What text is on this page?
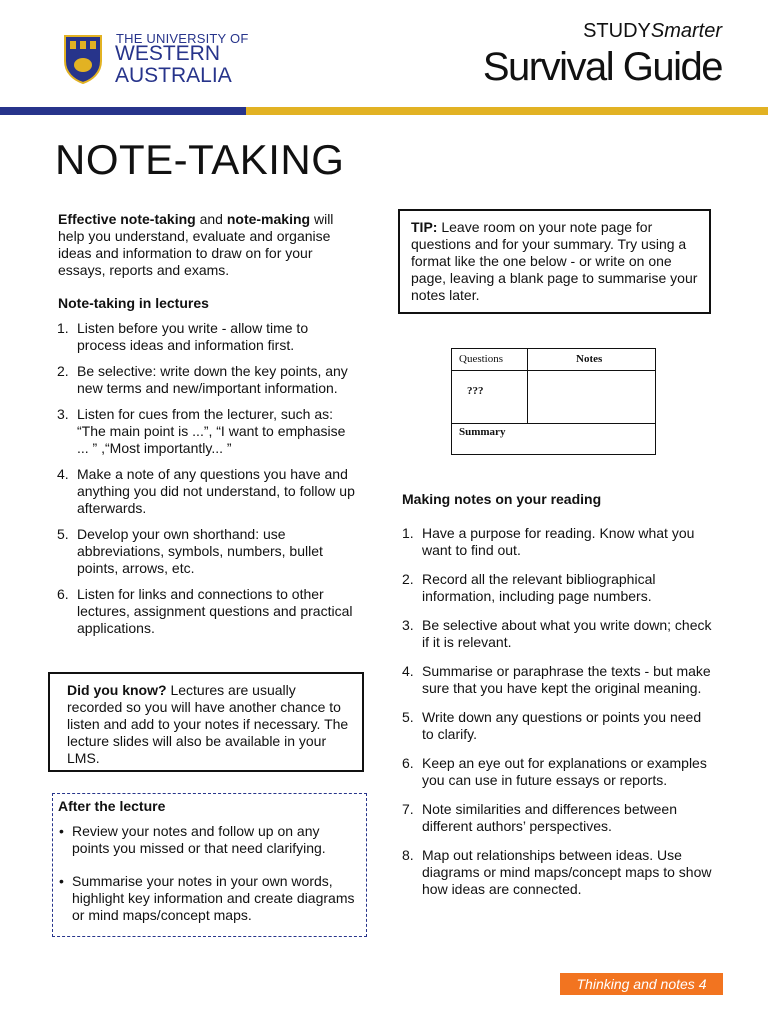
THE UNIVERSITY OF
WESTERN
AUSTRALIA
STUDYSmarter
Survival Guide
NOTE-TAKING
Effective note-taking and note-making will help you understand, evaluate and organise ideas and information to draw on for your essays, reports and exams.
Note-taking in lectures
1. Listen before you write - allow time to process ideas and information first.
2. Be selective: write down the key points, any new terms and new/important information.
3. Listen for cues from the lecturer, such as: “The main point is ...”, “I want to emphasise ... ” ,“Most importantly... ”
4. Make a note of any questions you have and anything you did not understand, to follow up afterwards.
5. Develop your own shorthand: use abbreviations, symbols, numbers, bullet points, arrows, etc.
6. Listen for links and connections to other lectures, assignment questions and practical applications.
Did you know? Lectures are usually recorded so you will have another chance to listen and add to your notes if necessary. The lecture slides will also be available in your LMS.
After the lecture
• Review your notes and follow up on any points you missed or that need clarifying.
• Summarise your notes in your own words, highlight key information and create diagrams or mind maps/concept maps.
TIP: Leave room on your note page for questions and for your summary. Try using a format like the one below - or write on one page, leaving a blank page to summarise your notes later.
Questions	Notes
???
Summary
Making notes on your reading
1. Have a purpose for reading. Know what you want to find out.
2. Record all the relevant bibliographical information, including page numbers.
3. Be selective about what you write down; check if it is relevant.
4. Summarise or paraphrase the texts - but make sure that you have kept the original meaning.
5. Write down any questions or points you need to clarify.
6. Keep an eye out for explanations or examples you can use in future essays or reports.
7. Note similarities and differences between different authors’ perspectives.
8. Map out relationships between ideas. Use diagrams or mind maps/concept maps to show how ideas are connected.
Thinking and notes 4
